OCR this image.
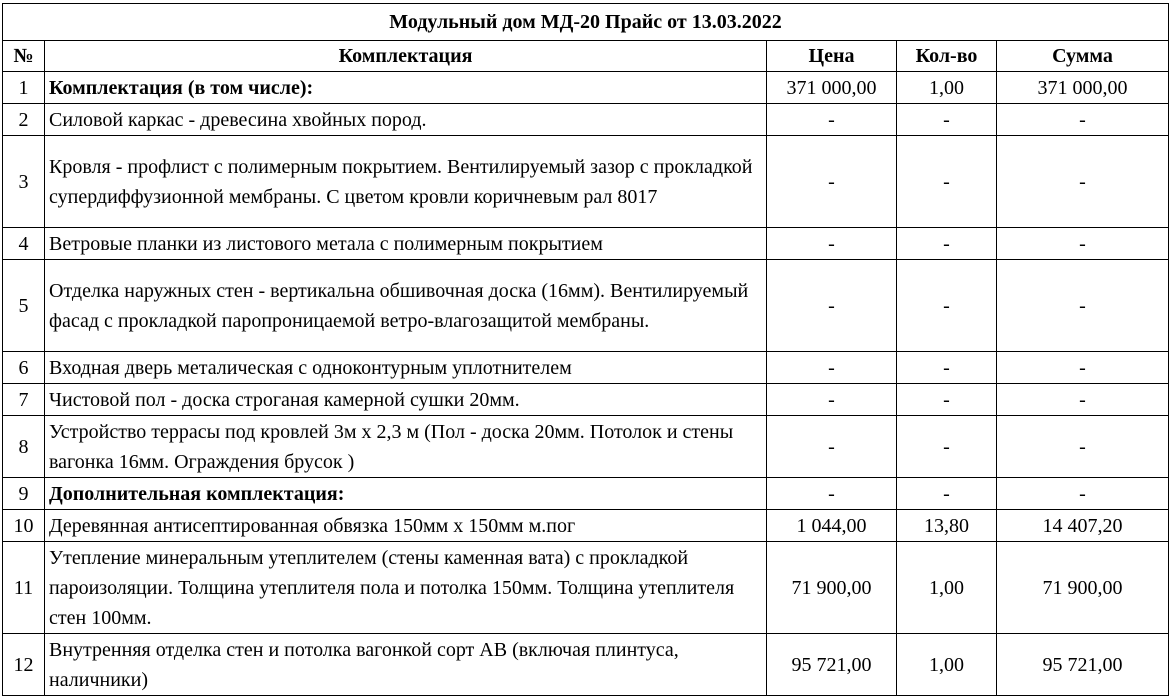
Модульный дом МД-20 Прайс от 13.03.2022				
№	Комплектация	Цена	Кол-во	Сумма
1	Комплектация (в том числе):	371 000,00	1,00	371 000,00
2	Силовой каркас - древесина хвойных пород.	-	-	-
3	Кровля - профлист с полимерным покрытием. Вентилируемый зазор с прокладкой супердиффузионной мембраны. С цветом кровли коричневым рал 8017	-	-	-
4	Ветровые планки из листового метала с полимерным покрытием	-	-	-
5	Отделка наружных стен - вертикальна обшивочная доска (16мм). Вентилируемый фасад с прокладкой паропроницаемой ветро-влагозащитой мембраны.	-	-	-
6	Входная дверь металическая с одноконтурным уплотнителем	-	-	-
7	Чистовой пол - доска строганая камерной сушки 20мм.	-	-	-
8	Устройство террасы под кровлей 3м х 2,3 м (Пол - доска 20мм. Потолок и стены вагонка 16мм. Ограждения брусок )	-	-	-
9	Дополнительная комплектация:	-	-	-
10	Деревянная антисептированная обвязка 150мм х 150мм м.пог	1 044,00	13,80	14 407,20
11	Утепление минеральным утеплителем (стены каменная вата) с прокладкой пароизоляции. Толщина утеплителя пола и потолка 150мм. Толщина утеплителя стен 100мм.	71 900,00	1,00	71 900,00
12	Внутренняя отделка стен и потолка вагонкой сорт АВ (включая плинтуса, наличники)	95 721,00	1,00	95 721,00
